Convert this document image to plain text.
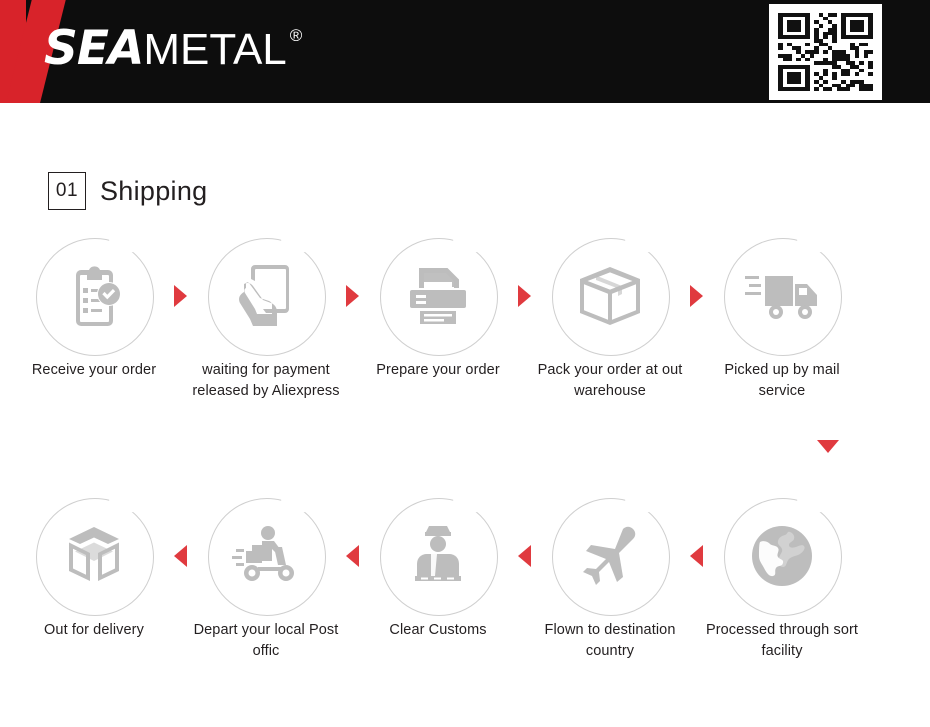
SEA METAL ®
01 Shipping
Receive your order	waiting for payment released by Aliexpress
Prepare your order	Pack your order at out warehouse
Picked up by mail service
Out for delivery	Depart your local Post offic
Clear Customs	Flown to destination country
Processed through sort facility
